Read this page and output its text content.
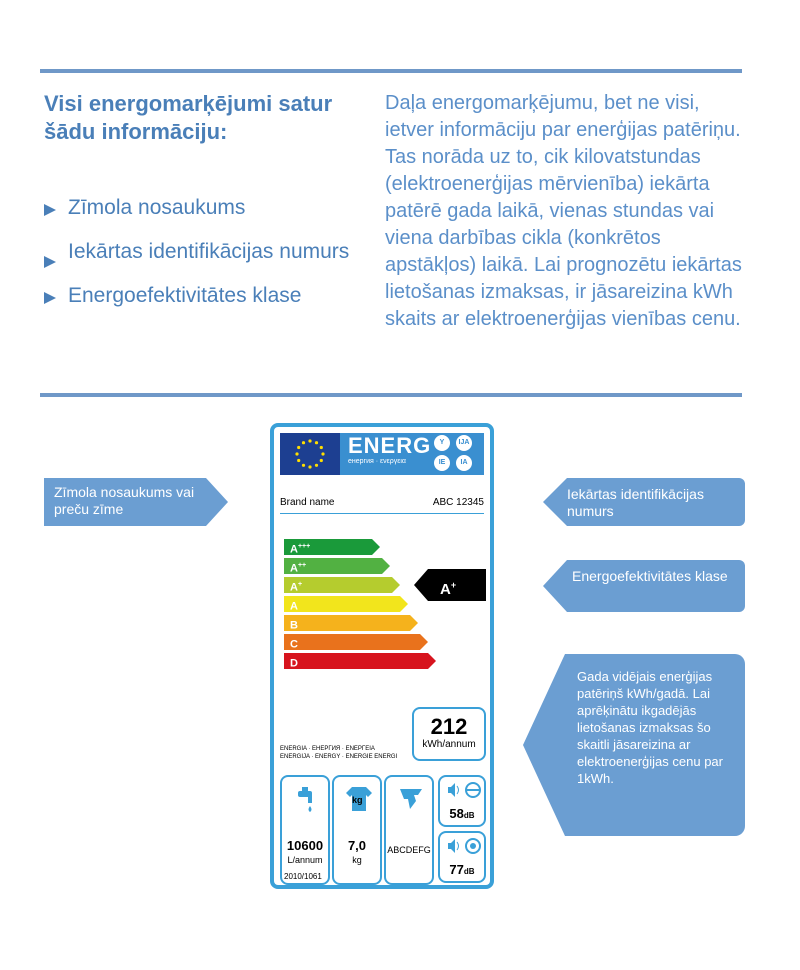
Visi energomarķējumi satur šādu informāciju:
Zīmola nosaukums
Iekārtas identifikācijas numurs
Energoefektivitātes klase
Daļa energomarķējumu, bet ne visi, ietver informāciju par enerģijas patēriņu. Tas norāda uz to, cik kilovatstundas (elektroenerģijas mērvienība) iekārta patērē gada laikā, vienas stundas vai viena darbības cikla (konkrētos apstākļos) laikā. Lai prognozētu iekārtas lietošanas izmaksas, ir jāsareizina kWh skaits ar elektroenerģijas vienības cenu.
Zīmola nosaukums vai preču zīme
Iekārtas identifikācijas numurs
Energoefektivitātes klase
Gada vidējais enerģijas patēriņš kWh/gadā. Lai aprēķinātu ikgadējās lietošanas izmaksas šo skaitli jāsareizina ar elektroenerģijas cenu par 1kWh.
ENERG
енергия · ενεργεια
Y	IJA
IE	IA
Brand name	ABC 12345
A+++
A++
A+
A
B
C
D
A+
212
kWh/annum
ENERGIA · ЕНЕРГИЯ · ΕΝΕΡΓΕΙΑ ENERGIJA · ENERGY · ENERGIE ENERGI
10600
L/annum
kg
7,0
kg
ABCDEFG
58dB
77dB
2010/1061
